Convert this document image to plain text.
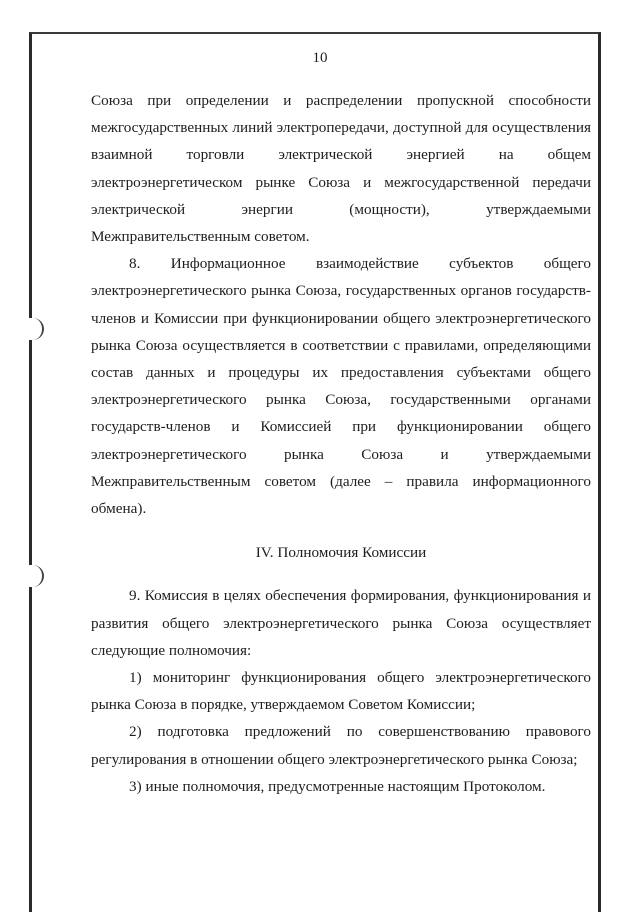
10

Союза при определении и распределении пропускной способности межгосударственных линий электропередачи, доступной для осуществления взаимной торговли электрической энергией на общем электроэнергетическом рынке Союза и межгосударственной передачи электрической энергии (мощности), утверждаемыми Межправительственным советом.

8. Информационное взаимодействие субъектов общего электроэнергетического рынка Союза, государственных органов государств-членов и Комиссии при функционировании общего электроэнергетического рынка Союза осуществляется в соответствии с правилами, определяющими состав данных и процедуры их предоставления субъектами общего электроэнергетического рынка Союза, государственными органами государств-членов и Комиссией при функционировании общего электроэнергетического рынка Союза и утверждаемыми Межправительственным советом (далее – правила информационного обмена).

IV. Полномочия Комиссии

9. Комиссия в целях обеспечения формирования, функционирования и развития общего электроэнергетического рынка Союза осуществляет следующие полномочия:

1) мониторинг функционирования общего электроэнергетического рынка Союза в порядке, утверждаемом Советом Комиссии;

2) подготовка предложений по совершенствованию правового регулирования в отношении общего электроэнергетического рынка Союза;

3) иные полномочия, предусмотренные настоящим Протоколом.
